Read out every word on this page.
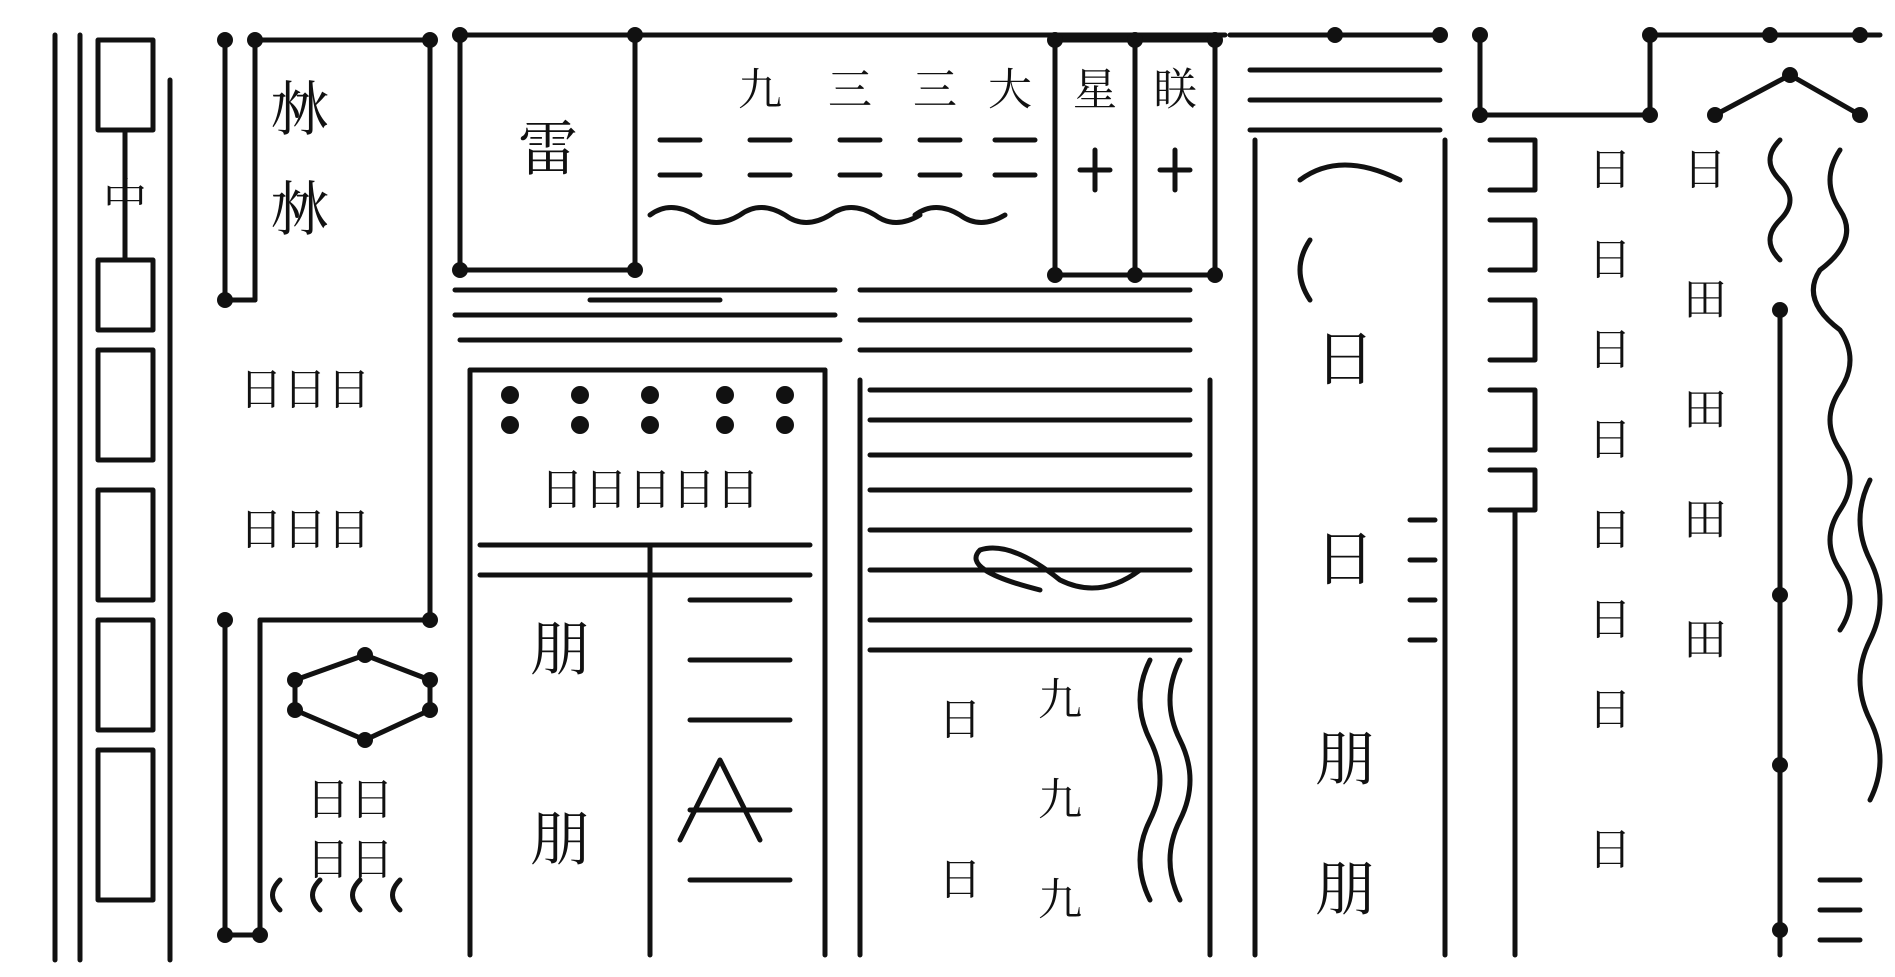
中
沝
沝
日日日
日日日
日日
日日
雷
九 三 三 大 星 眹
日日日日日
朋
朋
日
日
九
九
九
日
日
朋
朋
日
日
日
日
日
日
日
日
日
田
田
田
田
